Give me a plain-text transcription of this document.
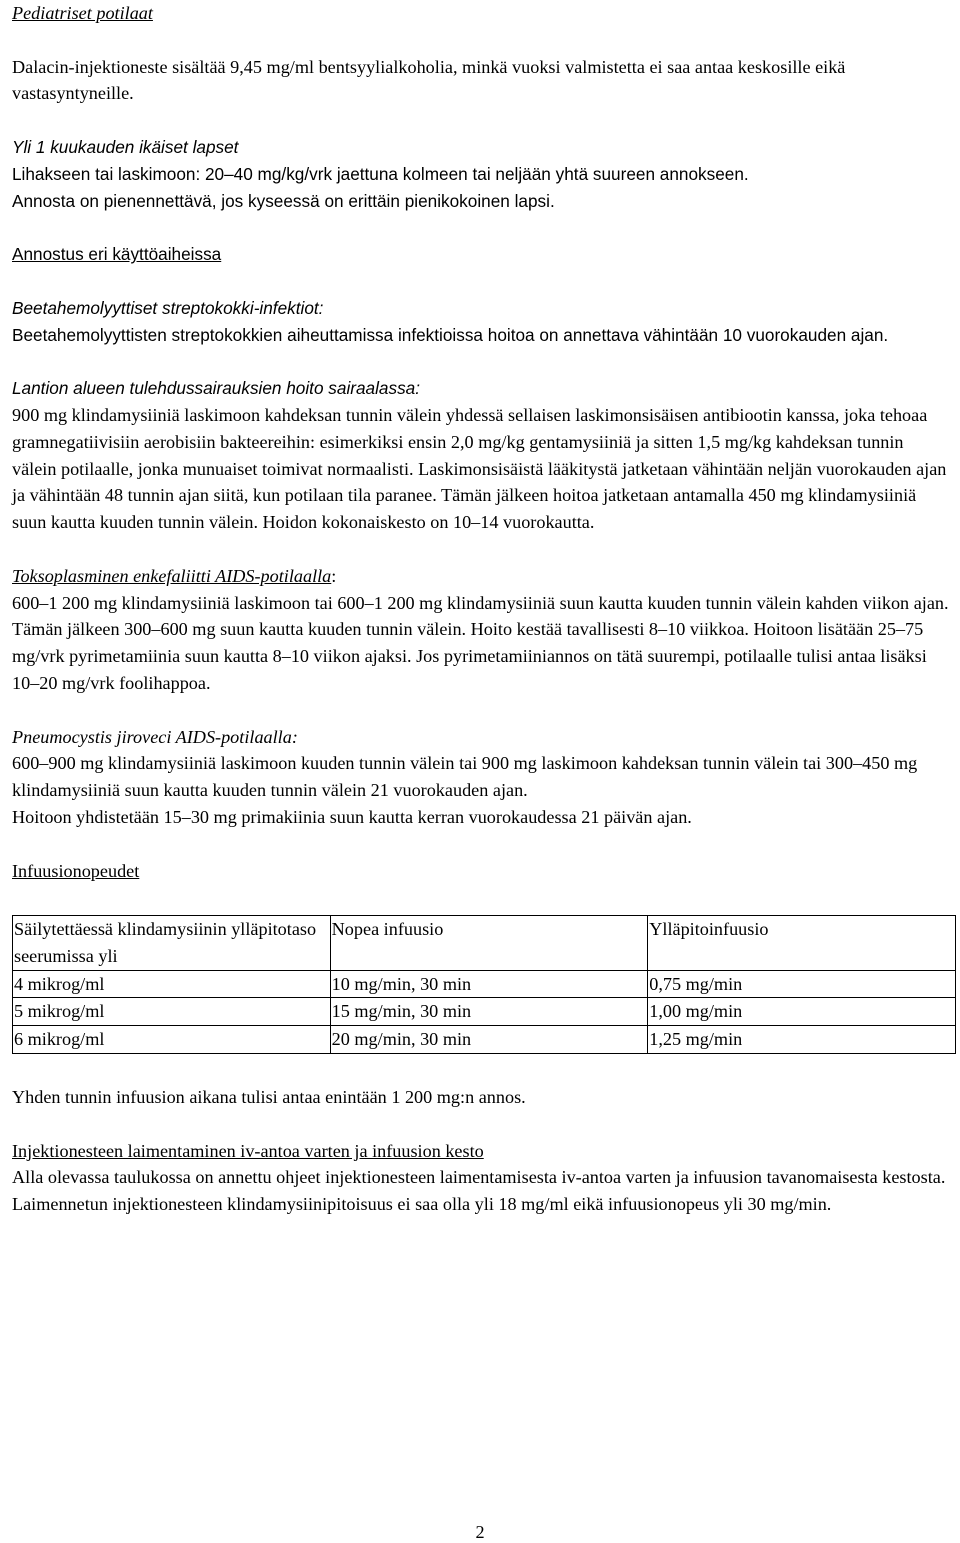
Pediatriset potilaat

Dalacin-injektioneste sisältää 9,45 mg/ml bentsyylialkoholia, minkä vuoksi valmistetta ei saa antaa keskosille eikä vastasyntyneille.

Yli 1 kuukauden ikäiset lapset

Lihakseen tai laskimoon: 20–40 mg/kg/vrk jaettuna kolmeen tai neljään yhtä suureen annokseen.
Annosta on pienennettävä, jos kyseessä on erittäin pienikokoinen lapsi.

Annostus eri käyttöaiheissa

Beetahemolyyttiset streptokokki-infektiot:

Beetahemolyyttisten streptokokkien aiheuttamissa infektioissa hoitoa on annettava vähintään 10 vuorokauden ajan.

Lantion alueen tulehdussairauksien hoito sairaalassa:

900 mg klindamysiiniä laskimoon kahdeksan tunnin välein yhdessä sellaisen laskimonsisäisen antibiootin kanssa, joka tehoaa gramnegatiivisiin aerobisiin bakteereihin: esimerkiksi ensin 2,0 mg/kg gentamysiiniä ja sitten 1,5 mg/kg kahdeksan tunnin välein potilaalle, jonka munuaiset toimivat normaalisti. Laskimonsisäistä lääkitystä jatketaan vähintään neljän vuorokauden ajan ja vähintään 48 tunnin ajan siitä, kun potilaan tila paranee. Tämän jälkeen hoitoa jatketaan antamalla 450 mg klindamysiiniä suun kautta kuuden tunnin välein. Hoidon kokonaiskesto on 10–14 vuorokautta.

Toksoplasminen enkefaliitti AIDS-potilaalla:

600–1 200 mg klindamysiiniä laskimoon tai 600–1 200 mg klindamysiiniä suun kautta kuuden tunnin välein kahden viikon ajan. Tämän jälkeen 300–600 mg suun kautta kuuden tunnin välein. Hoito kestää tavallisesti 8–10 viikkoa. Hoitoon lisätään 25–75 mg/vrk pyrimetamiinia suun kautta 8–10 viikon ajaksi. Jos pyrimetamiiniannos on tätä suurempi, potilaalle tulisi antaa lisäksi 10–20 mg/vrk foolihappoa.

Pneumocystis jiroveci AIDS-potilaalla:

600–900 mg klindamysiiniä laskimoon kuuden tunnin välein tai 900 mg laskimoon kahdeksan tunnin välein tai 300–450 mg klindamysiiniä suun kautta kuuden tunnin välein 21 vuorokauden ajan.

Hoitoon yhdistetään 15–30 mg primakiinia suun kautta kerran vuorokaudessa 21 päivän ajan.

Infuusionopeudet

Säilytettäessä klindamysiinin ylläpitotaso seerumissa yli	Nopea infuusio	Ylläpitoinfuusio
4 mikrog/ml	10 mg/min, 30 min	0,75 mg/min
5 mikrog/ml	15 mg/min, 30 min	1,00 mg/min
6 mikrog/ml	20 mg/min, 30 min	1,25 mg/min

Yhden tunnin infuusion aikana tulisi antaa enintään 1 200 mg:n annos.

Injektionesteen laimentaminen iv-antoa varten ja infuusion kesto

Alla olevassa taulukossa on annettu ohjeet injektionesteen laimentamisesta iv-antoa varten ja infuusion tavanomaisesta kestosta.

Laimennetun injektionesteen klindamysiinipitoisuus ei saa olla yli 18 mg/ml eikä infuusionopeus yli 30 mg/min.

2
